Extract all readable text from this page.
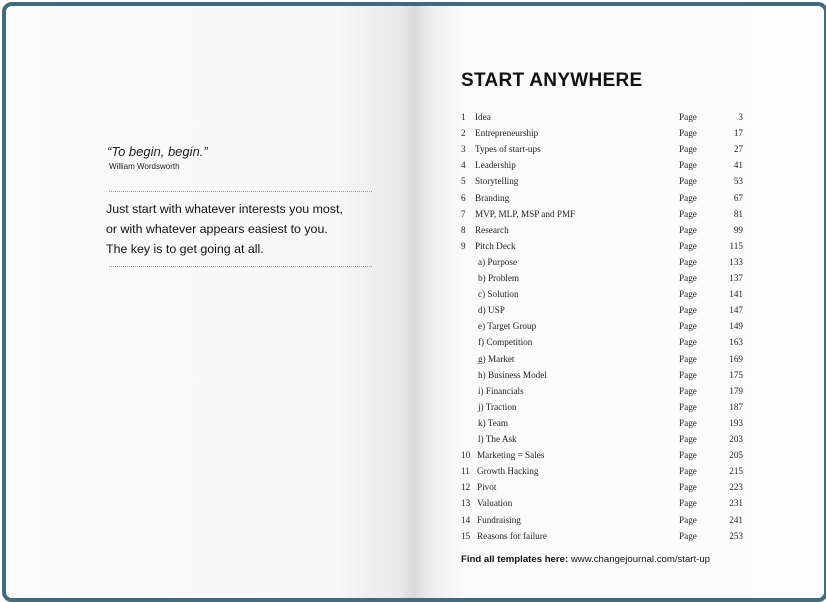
“To begin, begin.”

William Wordsworth
Just start with whatever interests you most,
or with whatever appears easiest to you.
The key is to get going at all.
START ANYWHERE
1 Idea	Page	3
2 Entrepreneurship	Page	17
3 Types of start-ups	Page	27
4 Leadership	Page	41
5 Storytelling	Page	53
6 Branding	Page	67
7 MVP, MLP, MSP and PMF	Page	81
8 Research	Page	99
9 Pitch Deck	Page	115
a) Purpose	Page	133
b) Problem	Page	137
c) Solution	Page	141
d) USP	Page	147
e) Target Group	Page	149
f) Competition	Page	163
g) Market	Page	169
h) Business Model	Page	175
i) Financials	Page	179
j) Traction	Page	187
k) Team	Page	193
l) The Ask	Page	203
10 Marketing = Sales	Page	205
11 Growth Hacking	Page	215
12 Pivot	Page	223
13 Valuation	Page	231
14 Fundraising	Page	241
15 Reasons for failure	Page	253

Find all templates here: www.changejournal.com/start-up
